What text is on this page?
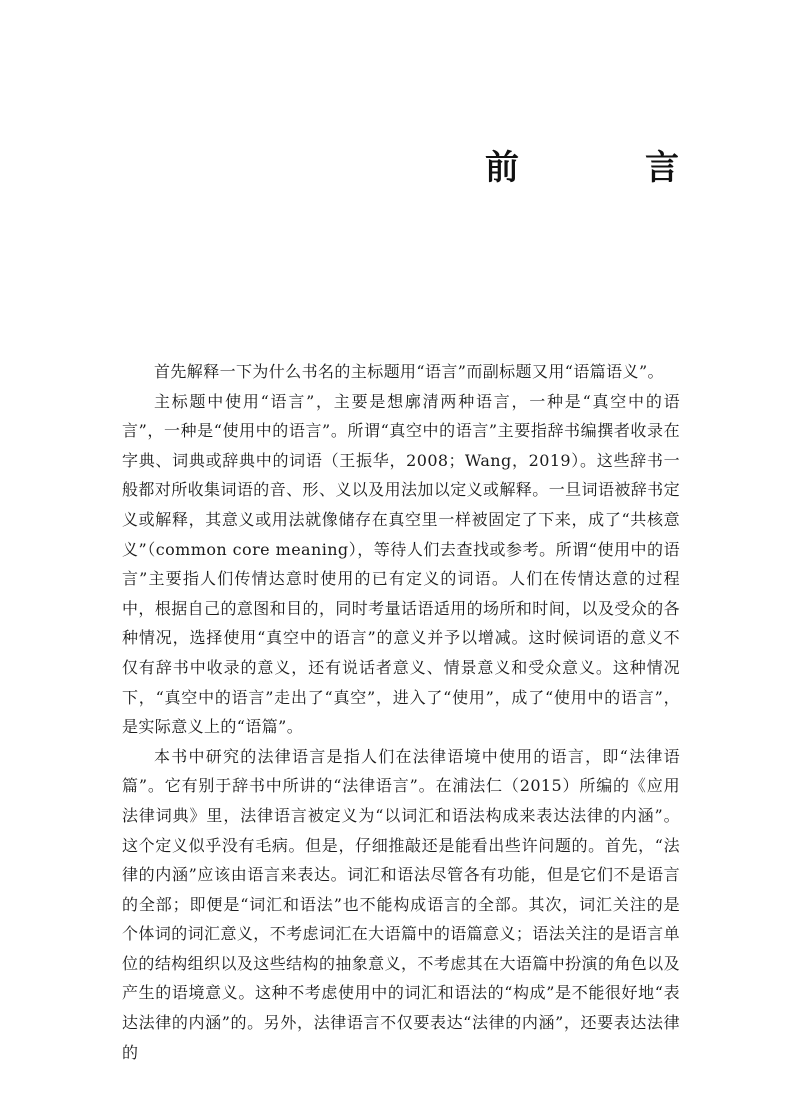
前　言

首先解释一下为什么书名的主标题用“语言”而副标题又用“语篇语义”。

主标题中使用“语言”，主要是想廓清两种语言，一种是“真空中的语言”，一种是“使用中的语言”。所谓“真空中的语言”主要指辞书编撰者收录在字典、词典或辞典中的词语（王振华，2008；Wang，2019）。这些辞书一般都对所收集词语的音、形、义以及用法加以定义或解释。一旦词语被辞书定义或解释，其意义或用法就像储存在真空里一样被固定了下来，成了“共核意义”（common core meaning），等待人们去查找或参考。所谓“使用中的语言”主要指人们传情达意时使用的已有定义的词语。人们在传情达意的过程中，根据自己的意图和目的，同时考量话语适用的场所和时间，以及受众的各种情况，选择使用“真空中的语言”的意义并予以增减。这时候词语的意义不仅有辞书中收录的意义，还有说话者意义、情景意义和受众意义。这种情况下，“真空中的语言”走出了“真空”，进入了“使用”，成了“使用中的语言”，是实际意义上的“语篇”。

本书中研究的法律语言是指人们在法律语境中使用的语言，即“法律语篇”。它有别于辞书中所讲的“法律语言”。在浦法仁（2015）所编的《应用法律词典》里，法律语言被定义为“以词汇和语法构成来表达法律的内涵”。这个定义似乎没有毛病。但是，仔细推敲还是能看出些许问题的。首先，“法律的内涵”应该由语言来表达。词汇和语法尽管各有功能，但是它们不是语言的全部；即便是“词汇和语法”也不能构成语言的全部。其次，词汇关注的是个体词的词汇意义，不考虑词汇在大语篇中的语篇意义；语法关注的是语言单位的结构组织以及这些结构的抽象意义，不考虑其在大语篇中扮演的角色以及产生的语境意义。这种不考虑使用中的词汇和语法的“构成”是不能很好地“表达法律的内涵”的。另外，法律语言不仅要表达“法律的内涵”，还要表达法律的
